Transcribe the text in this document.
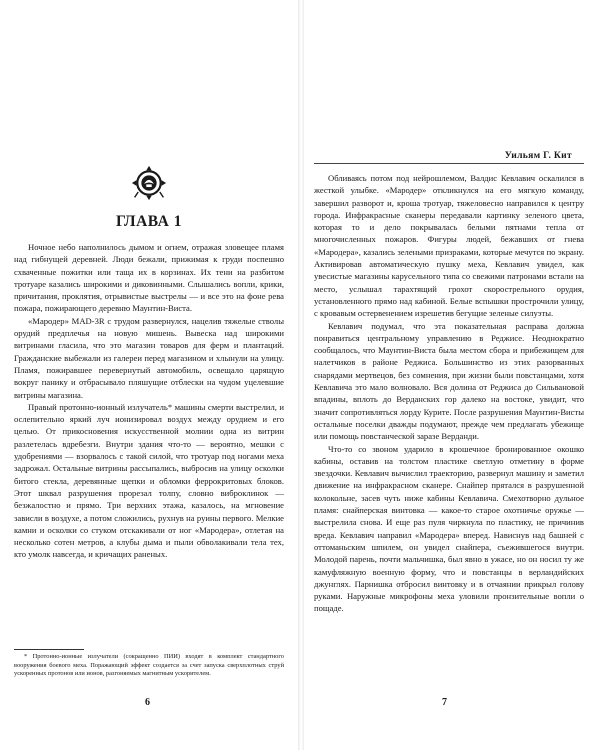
ГЛАВА 1

Ночное небо наполнилось дымом и огнем, отражая зловещее пламя над гибнущей деревней. Люди бежали, прижимая к груди поспешно схваченные пожитки или таща их в корзинах. Их тени на разбитом тротуаре казались широкими и диковинными. Слышались вопли, крики, причитания, проклятия, отрывистые выстрелы — и все это на фоне рева пожара, пожирающего деревню Маунтин-Виста.

«Мародер» MAD-3R с трудом развернулся, нацелив тяжелые стволы орудий предплечья на новую мишень. Вывеска над широкими витринами гласила, что это магазин товаров для ферм и плантаций. Гражданские выбежали из галереи перед магазином и хлынули на улицу. Пламя, пожиравшее перевернутый автомобиль, освещало царящую вокруг панику и отбрасывало пляшущие отблески на чудом уцелевшие витрины магазина.

Правый протонно-ионный излучатель* машины смерти выстрелил, и ослепительно яркий луч ионизировал воздух между орудием и его целью. От прикосновения искусственной молнии одна из витрин разлетелась вдребезги. Внутри здания что-то — вероятно, мешки с удобрениями — взорвалось с такой силой, что тротуар под ногами меха задрожал. Остальные витрины рассыпались, выбросив на улицу осколки битого стекла, деревянные щепки и обломки феррокритовых блоков. Этот шквал разрушения прорезал толпу, словно виброклинок — безжалостно и прямо. Три верхних этажа, казалось, на мгновение зависли в воздухе, а потом сложились, рухнув на руины первого. Мелкие камни и осколки со стуком отскакивали от ног «Мародера», отлетая на несколько сотен метров, а клубы дыма и пыли обволакивали тела тех, кто умолк навсегда, и кричащих раненых.

* Протонно-ионные излучатели (сокращенно ПИИ) входят в комплект стандартного вооружения боевого меха. Поражающий эффект создается за счет запуска сверхплотных струй ускоренных протонов или ионов, разгоняемых магнитным ускорителем.

6
Уильям Г. Кит

Обливаясь потом под нейрошлемом, Валдис Кевлавич оскалился в жесткой улыбке. «Мародер» откликнулся на его мягкую команду, завершил разворот и, кроша тротуар, тяжеловесно направился к центру города. Инфракрасные сканеры передавали картинку зеленого цвета, которая то и дело покрывалась белыми пятнами тепла от многочисленных пожаров. Фигуры людей, бежавших от гнева «Мародера», казались зелеными призраками, которые мечутся по экрану. Активировав автоматическую пушку меха, Кевлавич увидел, как увесистые магазины карусельного типа со свежими патронами встали на место, услышал тарахтящий грохот скорострельного орудия, установленного прямо над кабиной. Белые вспышки прострочили улицу, с кровавым остервенением изрешетив бегущие зеленые силуэты.

Кевлавич подумал, что эта показательная расправа должна понравиться центральному управлению в Реджисе. Неоднократно сообщалось, что Маунтин-Виста была местом сбора и прибежищем для налетчиков в районе Реджиса. Большинство из этих разорванных снарядами мертвецов, без сомнения, при жизни были повстанцами, хотя Кевлавича это мало волновало. Вся долина от Реджиса до Сильвановой впадины, вплоть до Верданских гор далеко на востоке, увидит, что значит сопротивляться лорду Курите. После разрушения Маунтин-Висты остальные поселки дважды подумают, прежде чем предлагать убежище или помощь повстанческой заразе Верданди.

Что-то со звоном ударило в крошечное бронированное окошко кабины, оставив на толстом пластике светлую отметину в форме звездочки. Кевлавич вычислил траекторию, развернул машину и заметил движение на инфракрасном сканере. Снайпер прятался в разрушенной колокольне, засев чуть ниже кабины Кевлавича. Смехотворно дульное пламя: снайперская винтовка — какое-то старое охотничье оружье — выстрелила снова. И еще раз пуля чиркнула по пластику, не причинив вреда. Кевлавич направил «Мародера» вперед. Нависнув над башней с оттоманьским шпилем, он увидел снайпера, съежившегося внутри. Молодой парень, почти мальчишка, был явно в ужасе, но он носил ту же камуфляжную военную форму, что и повстанцы в верландийских джунглях. Парнишка отбросил винтовку и в отчаянии прикрыл голову руками. Наружные микрофоны меха уловили пронзительные вопли о пощаде.

7
